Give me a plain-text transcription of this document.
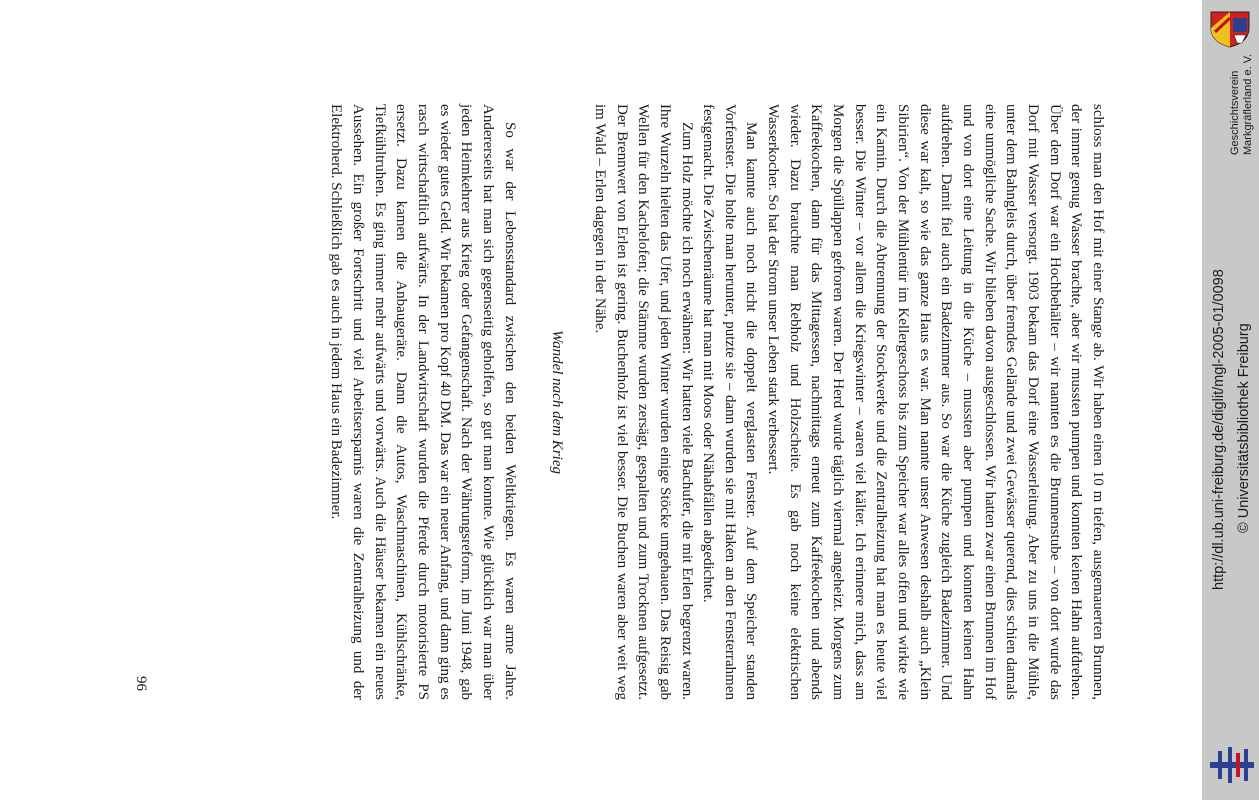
schloss man den Hof mit einer Stange ab. Wir haben einen 10 m tiefen, ausgemauerten Brunnen, der immer genug Wasser brachte, aber wir mussten pumpen und konnten keinen Hahn aufdrehen. Über dem Dorf war ein Hochbehälter – wir nannten es die Brunnenstube – von dort wurde das Dorf mit Wasser versorgt. 1903 bekam das Dorf eine Wasserleitung. Aber zu uns in die Mühle, unter dem Bahngleis durch, über fremdes Gelände und zwei Gewässer querend, dies schien damals eine unmögliche Sache. Wir blieben davon ausgeschlossen. Wir hatten zwar einen Brunnen im Hof und von dort eine Leitung in die Küche – mussten aber pumpen und konnten keinen Hahn aufdrehen. Damit fiel auch ein Badezimmer aus. So war die Küche zugleich Badezimmer. Und diese war kalt, so wie das ganze Haus es war. Man nannte unser Anwesen deshalb auch „Klein Sibirien“. Von der Mühlentür im Kellergeschoss bis zum Speicher war alles offen und wirkte wie ein Kamin. Durch die Abtrennung der Stockwerke und die Zentralheizung hat man es heute viel besser. Die Winter – vor allem die Kriegswinter – waren viel kälter. Ich erinnere mich, dass am Morgen die Spüllappen gefroren waren. Der Herd wurde täglich viermal angeheizt. Morgens zum Kaffeekochen, dann für das Mittagessen, nachmittags erneut zum Kaffeekochen und abends wieder. Dazu brauchte man Rebholz und Holzscheite. Es gab noch keine elektrischen Wasserkocher. So hat der Strom unser Leben stark verbessert.

Man kannte auch noch nicht die doppelt verglasten Fenster. Auf dem Speicher standen Vorfenster. Die holte man herunter, putzte sie – dann wurden sie mit Haken an den Fensterrahmen festgemacht. Die Zwischenräume hat man mit Moos oder Nähabfällen abgedichtet.

Zum Holz möchte ich noch erwähnen: Wir hatten viele Bachufer, die mit Erlen begrenzt waren. Ihre Wurzeln hielten das Ufer, und jeden Winter wurden einige Stöcke umgehauen. Das Reisig gab Wellen für den Kachelofen; die Stämme wurden zersägt, gespalten und zum Trocknen aufgesetzt. Der Brennwert von Erlen ist gering. Buchenholz ist viel besser. Die Buchen waren aber weit weg im Wald – Erlen dagegen in der Nähe.

Wandel nach dem Krieg

So war der Lebensstandard zwischen den beiden Weltkriegen. Es waren arme Jahre. Andererseits hat man sich gegenseitig geholfen, so gut man konnte. Wie glücklich war man über jeden Heimkehrer aus Krieg oder Gefangenschaft. Nach der Währungsreform, im Juni 1948, gab es wieder gutes Geld. Wir bekamen pro Kopf 40 DM. Das war ein neuer Anfang, und dann ging es rasch wirtschaftlich aufwärts. In der Landwirtschaft wurden die Pferde durch motorisierte PS ersetzt. Dazu kamen die Anbaugeräte. Dann die Autos, Waschmaschinen, Kühlschränke, Tiefkühltruhen. Es ging immer mehr aufwärts und vorwärts. Auch die Häuser bekamen ein neues Aussehen. Ein großer Fortschritt und viel Arbeitsersparnis waren die Zentralheizung und der Elektroherd. Schließlich gab es auch in jedem Haus ein Badezimmer.

96
Geschichtsverein Markgräflerland e. V.
http://dl.ub.uni-freiburg.de/diglit/mgl-2005-01/0098 © Universitätsbibliothek Freiburg
